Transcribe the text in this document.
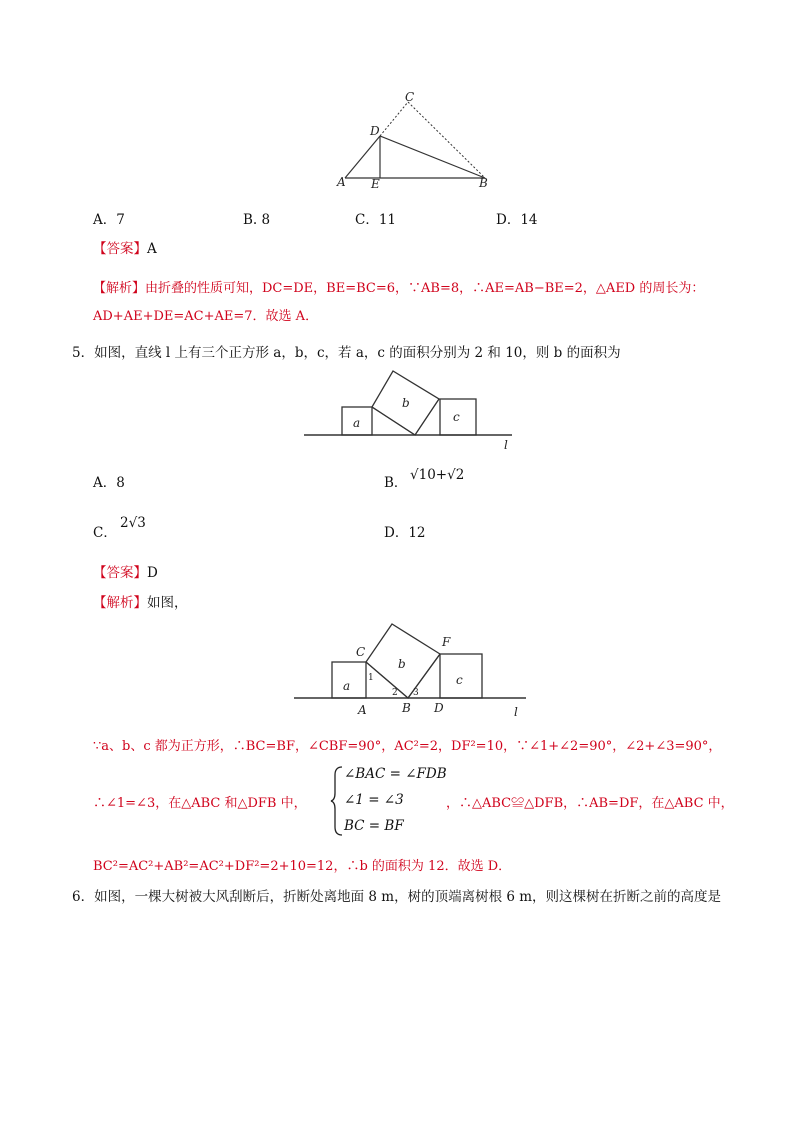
A E	B
D
C
A．7	B. 8	C．11	D．14
【答案】A
【解析】由折叠的性质可知，DC=DE，BE=BC=6，∵AB=8，∴AE=AB−BE=2，△AED 的周长为：
AD+AE+DE=AC+AE=7．故选 A．
5．如图，直线 l 上有三个正方形 a，b，c，若 a，c 的面积分别为 2 和 10，则 b 的面积为
a
b
c
l
A．8	B． √10+√2
C．
2√3
D．12
【答案】D
【解析】如图，
a
b
c
C
F
A	B D	l
1
2 3
∵a、b、c 都为正方形，∴BC=BF，∠CBF=90°，AC²=2，DF²=10，∵∠1+∠2=90°，∠2+∠3=90°，
∴∠1=∠3，在△ABC 和△DFB 中，
∠BAC = ∠FDB
∠1 = ∠3
BC = BF
，∴△ABC≌△DFB，∴AB=DF，在△ABC 中，
BC²=AC²+AB²=AC²+DF²=2+10=12，∴b 的面积为 12．故选 D．
6．如图，一棵大树被大风刮断后，折断处离地面 8 m，树的顶端离树根 6 m，则这棵树在折断之前的高度是
